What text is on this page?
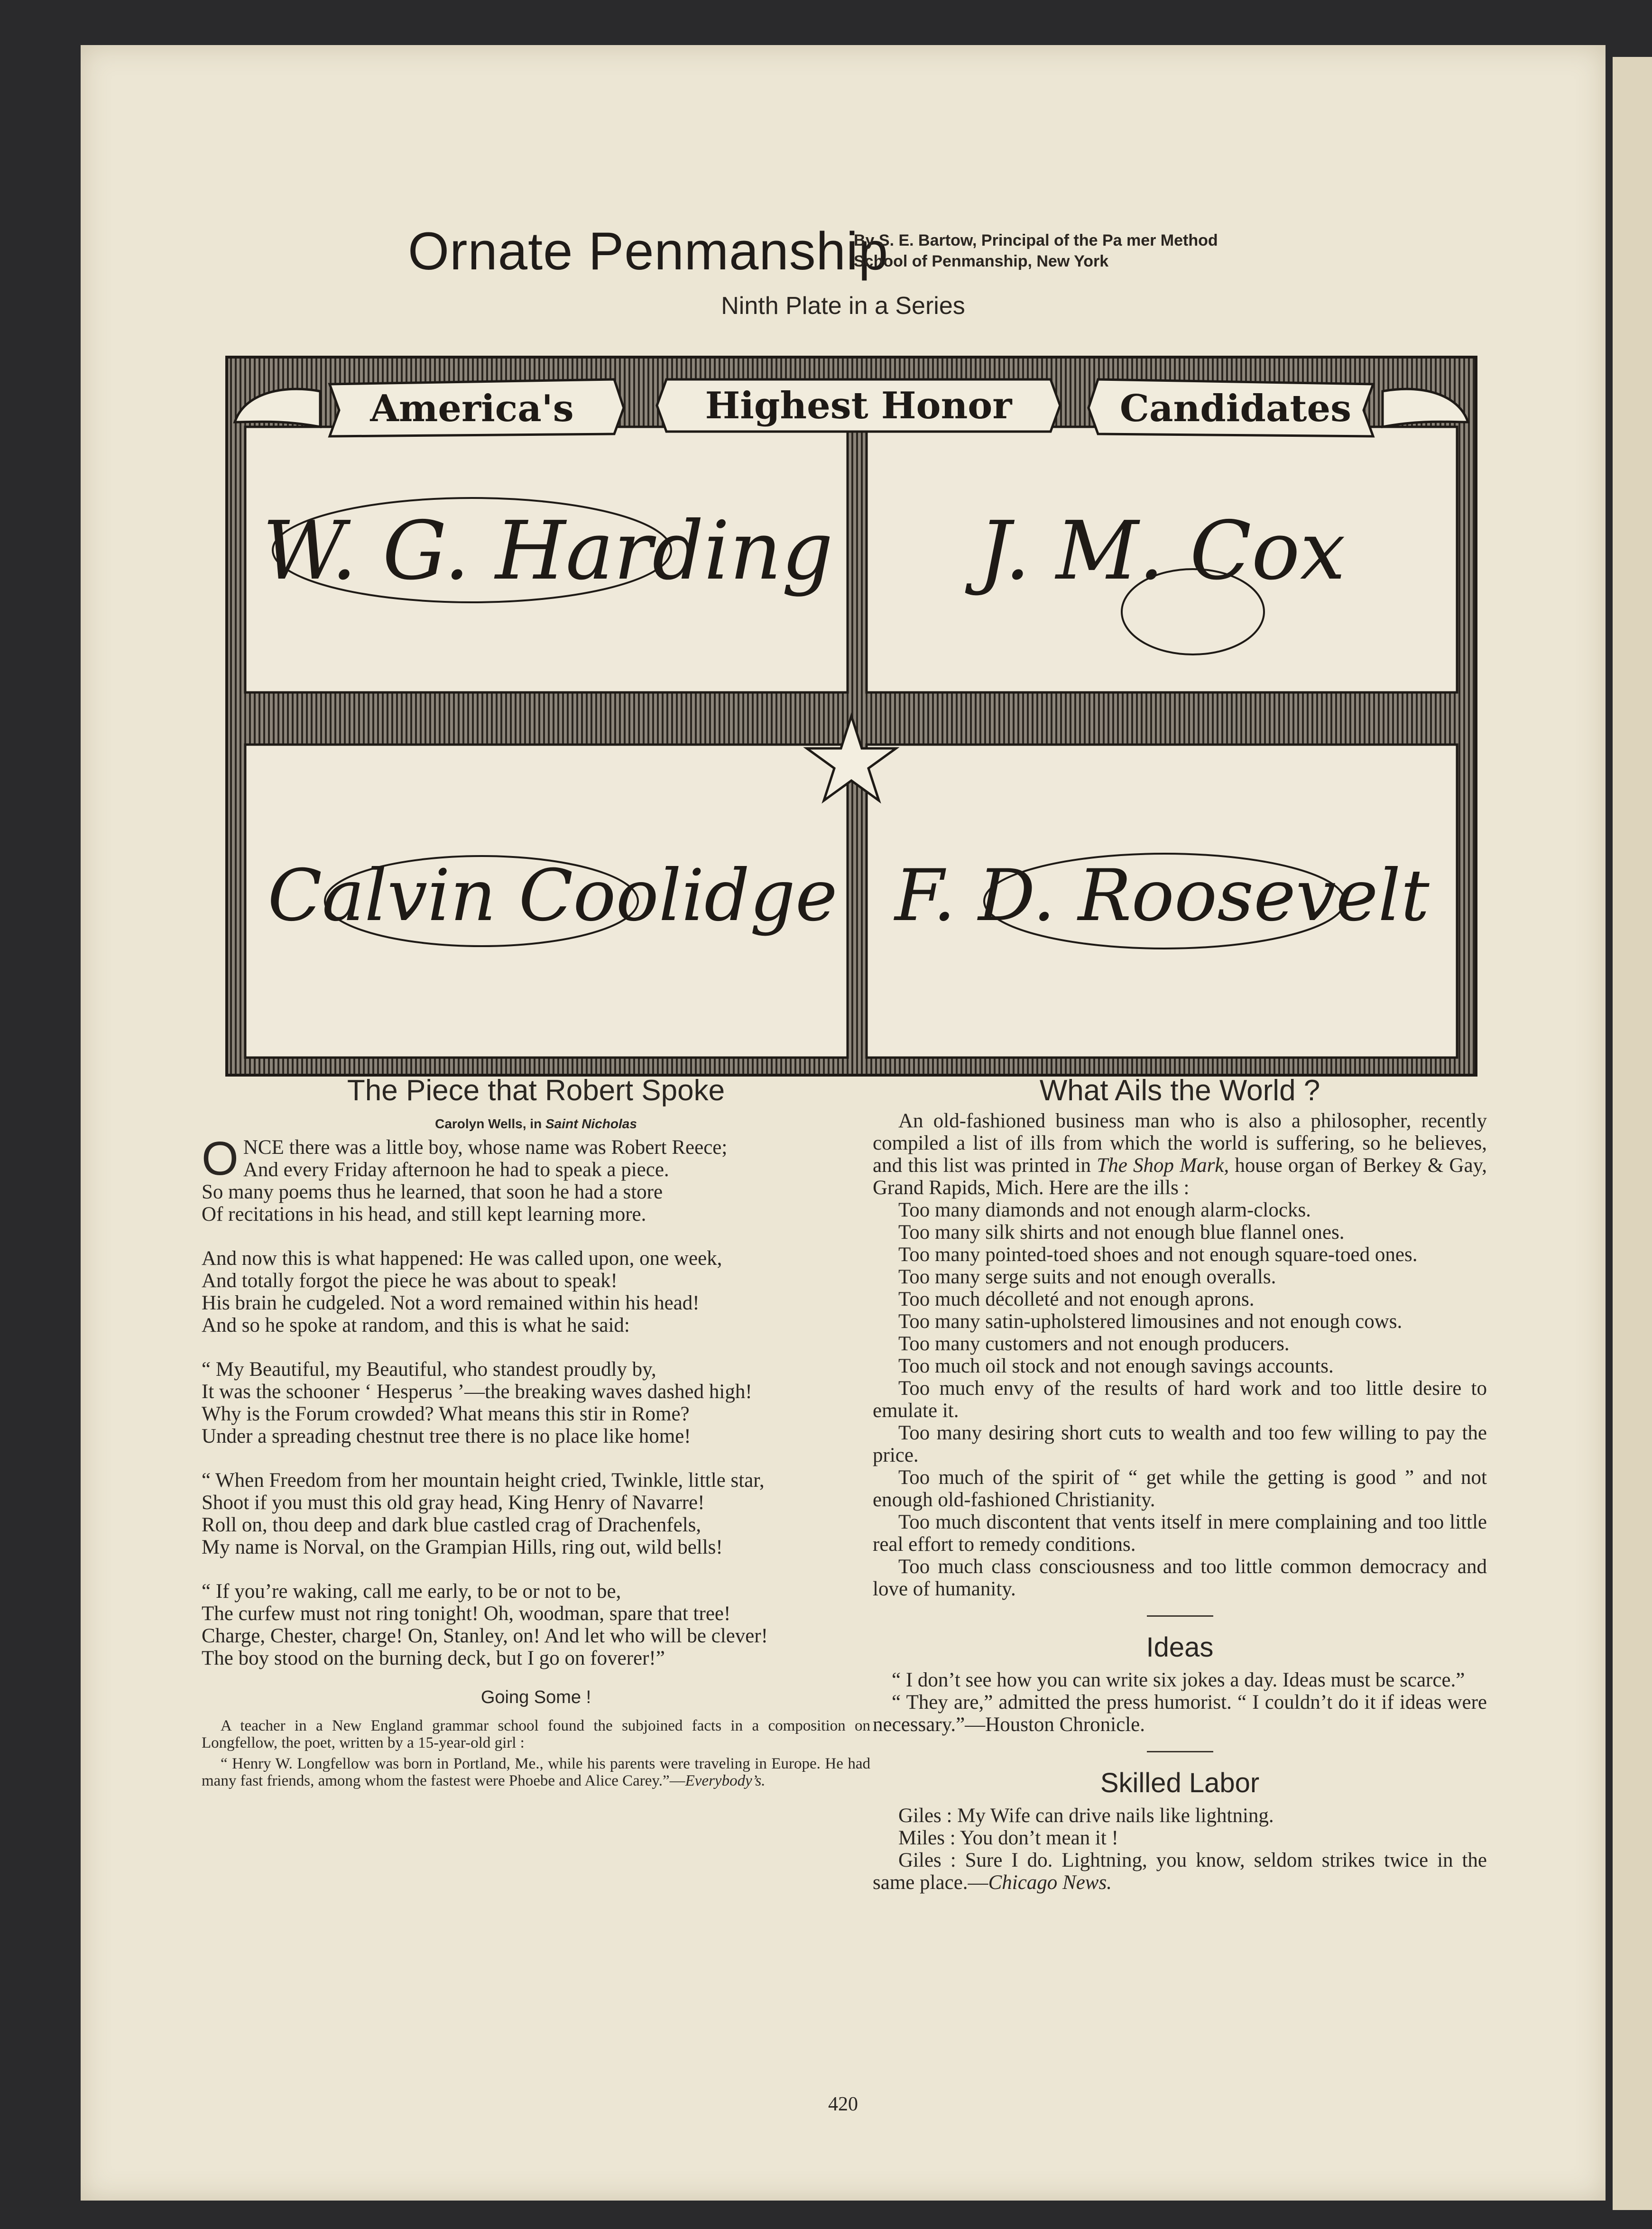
Ornate Penmanship
By S. E. Bartow, Principal of the Pa mer Method
School of Penmanship, New York
Ninth Plate in a Series
America's	Highest Honor	Candidates
W. G. Harding J. M. Cox
Calvin Coolidge F. D. Roosevelt
The Piece that Robert Spoke
Carolyn Wells, in Saint Nicholas
O NCE there was a little boy, whose name was Robert Reece;

And every Friday afternoon he had to speak a piece.

So many poems thus he learned, that soon he had a store

Of recitations in his head, and still kept learning more.

And now this is what happened: He was called upon, one week,

And totally forgot the piece he was about to speak!

His brain he cudgeled. Not a word remained within his head!

And so he spoke at random, and this is what he said:

“ My Beautiful, my Beautiful, who standest proudly by,

It was the schooner ‘ Hesperus ’—the breaking waves dashed high!

Why is the Forum crowded? What means this stir in Rome?

Under a spreading chestnut tree there is no place like home!

“ When Freedom from her mountain height cried, Twinkle, little star,

Shoot if you must this old gray head, King Henry of Navarre!

Roll on, thou deep and dark blue castled crag of Drachenfels,

My name is Norval, on the Grampian Hills, ring out, wild bells!

“ If you’re waking, call me early, to be or not to be,

The curfew must not ring tonight! Oh, woodman, spare that tree!

Charge, Chester, charge! On, Stanley, on! And let who will be clever!

The boy stood on the burning deck, but I go on foverer!”

Going Some !

A teacher in a New England grammar school found the subjoined facts in a composition on Longfellow, the poet, written by a 15-year-old girl :

“ Henry W. Longfellow was born in Portland, Me., while his parents were traveling in Europe. He had many fast friends, among whom the fastest were Phoebe and Alice Carey.”—Everybody’s.

What Ails the World ?

An old-fashioned business man who is also a philosopher, recently compiled a list of ills from which the world is suffering, so he believes, and this list was printed in The Shop Mark, house organ of Berkey & Gay, Grand Rapids, Mich. Here are the ills :

Too many diamonds and not enough alarm-clocks.

Too many silk shirts and not enough blue flannel ones.

Too many pointed-toed shoes and not enough square-toed ones.

Too many serge suits and not enough overalls.

Too much décolleté and not enough aprons.

Too many satin-upholstered limousines and not enough cows.

Too many customers and not enough producers.

Too much oil stock and not enough savings accounts.

Too much envy of the results of hard work and too little desire to emulate it.

Too many desiring short cuts to wealth and too few willing to pay the price.

Too much of the spirit of “ get while the getting is good ” and not enough old-fashioned Christianity.

Too much discontent that vents itself in mere complaining and too little real effort to remedy conditions.

Too much class consciousness and too little common democracy and love of humanity.

Ideas

“ I don’t see how you can write six jokes a day. Ideas must be scarce.”

“ They are,” admitted the press humorist. “ I couldn’t do it if ideas were necessary.”—Houston Chronicle.

Skilled Labor

Giles : My Wife can drive nails like lightning.

Miles : You don’t mean it !

Giles : Sure I do. Lightning, you know, seldom strikes twice in the same place.—Chicago News.

420
